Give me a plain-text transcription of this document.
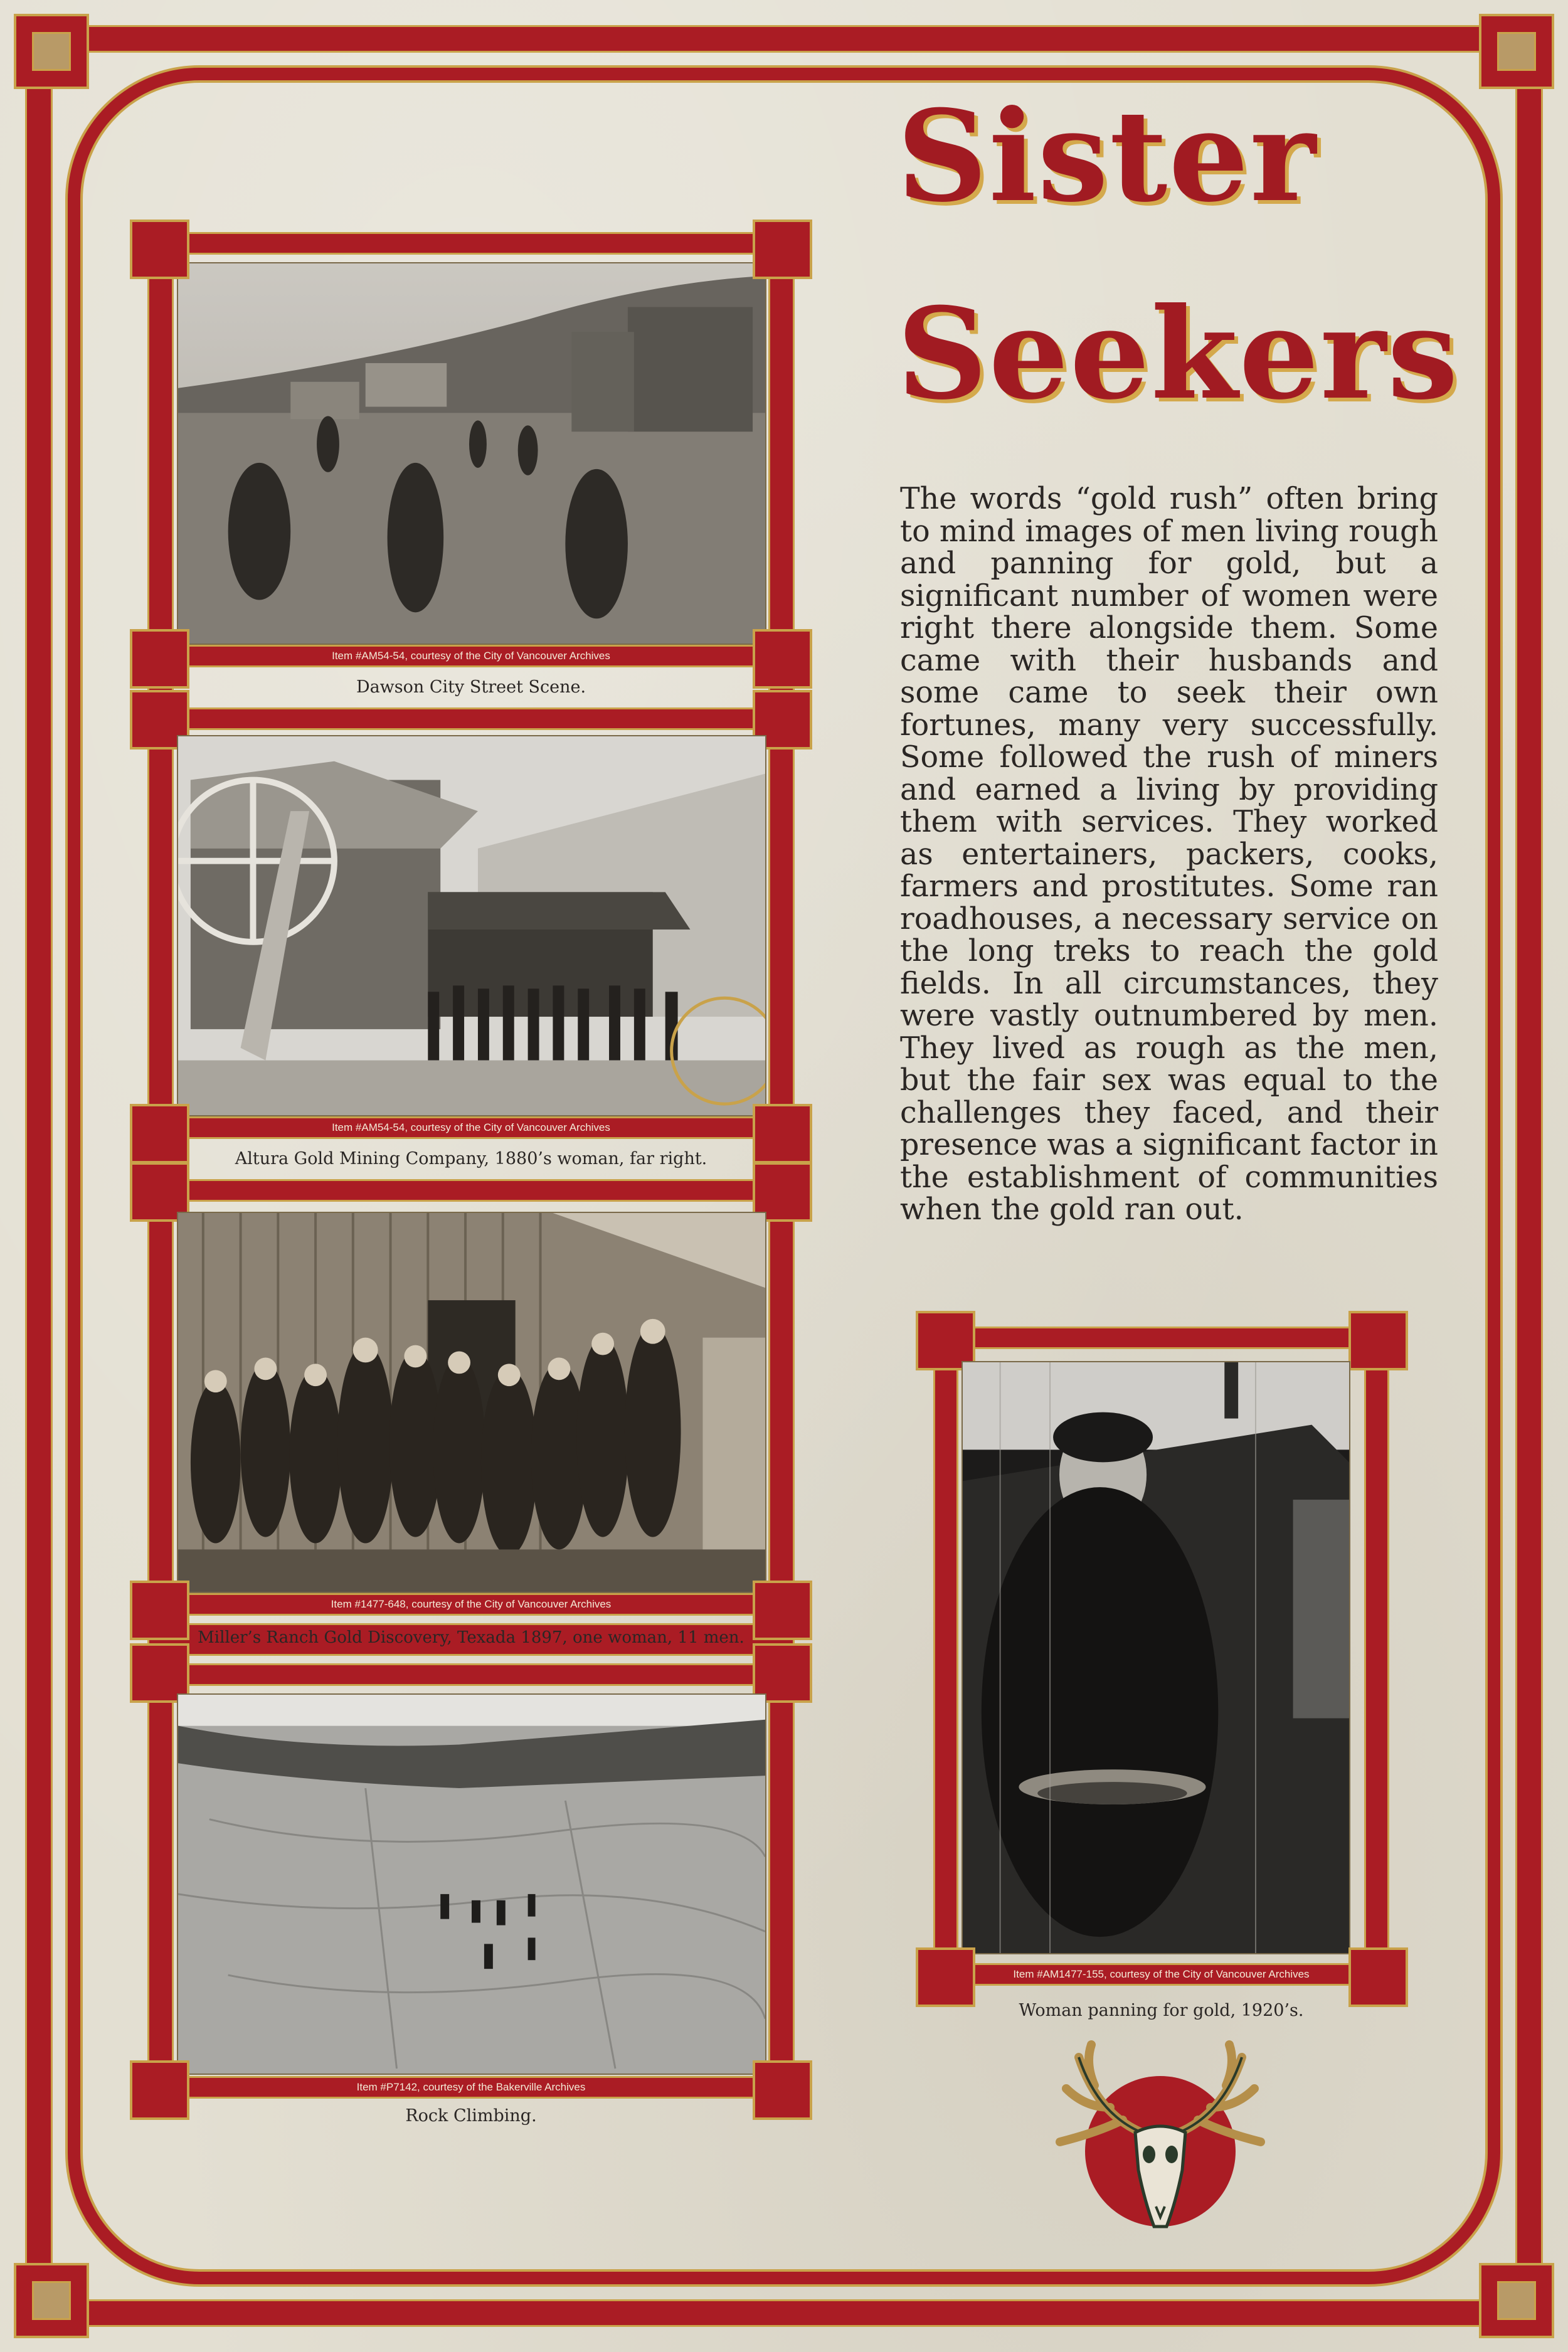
Sister
Seekers

The words “gold rush” often bring to mind images of men living rough and panning for gold, but a significant number of women were right there alongside them. Some came with their husbands and some came to seek their own fortunes, many very successfully. Some followed the rush of miners and earned a living by providing them with services. They worked as entertainers, packers, cooks, farmers and prostitutes. Some ran roadhouses, a necessary service on the long treks to reach the gold fields. In all circumstances, they were vastly outnumbered by men. They lived as rough as the men, but the fair sex was equal to the challenges they faced, and their presence was a significant factor in the establishment of communities when the gold ran out.

Item #AM54-54, courtesy of the City of Vancouver Archives
Dawson City Street Scene.
Item #AM54-54, courtesy of the City of Vancouver Archives
Altura Gold Mining Company, 1880’s woman, far right.
Item #1477-648, courtesy of the City of Vancouver Archives
Miller’s Ranch Gold Discovery, Texada 1897, one woman, 11 men.
Item #P7142, courtesy of the Bakerville Archives
Rock Climbing.
Item #AM1477-155, courtesy of the City of Vancouver Archives
Woman panning for gold, 1920’s.
